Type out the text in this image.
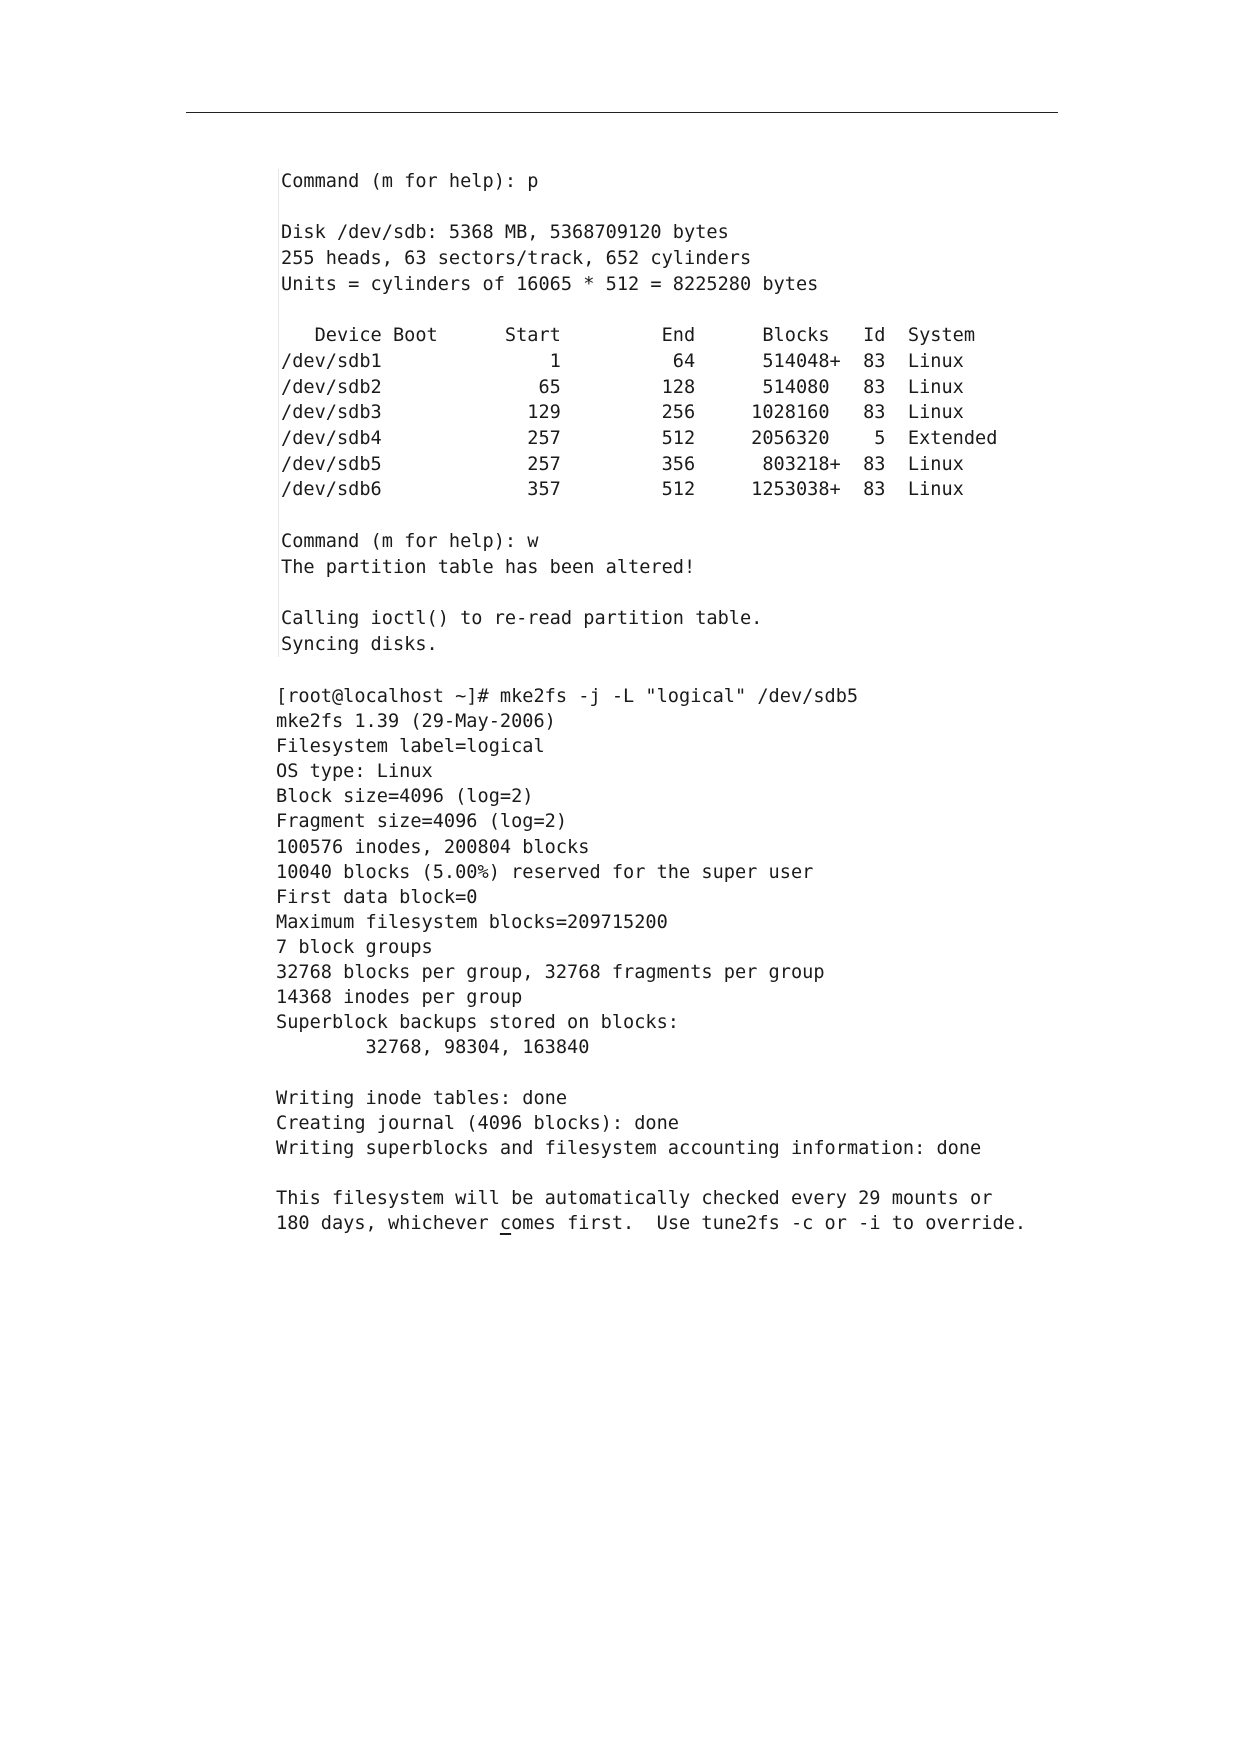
Command (m for help): p

Disk /dev/sdb: 5368 MB, 5368709120 bytes
255 heads, 63 sectors/track, 652 cylinders
Units = cylinders of 16065 * 512 = 8225280 bytes

Device Boot      Start         End      Blocks   Id  System
/dev/sdb1               1          64      514048+  83  Linux
/dev/sdb2              65         128      514080   83  Linux
/dev/sdb3             129         256     1028160   83  Linux
/dev/sdb4             257         512     2056320    5  Extended
/dev/sdb5             257         356      803218+  83  Linux
/dev/sdb6             357         512     1253038+  83  Linux

Command (m for help): w
The partition table has been altered!

Calling ioctl() to re-read partition table.
Syncing disks.
[root@localhost ~]# mke2fs -j -L "logical" /dev/sdb5
mke2fs 1.39 (29-May-2006)
Filesystem label=logical
OS type: Linux
Block size=4096 (log=2)
Fragment size=4096 (log=2)
100576 inodes, 200804 blocks
10040 blocks (5.00%) reserved for the super user
First data block=0
Maximum filesystem blocks=209715200
7 block groups
32768 blocks per group, 32768 fragments per group
14368 inodes per group
Superblock backups stored on blocks:
32768, 98304, 163840

Writing inode tables: done
Creating journal (4096 blocks): done
Writing superblocks and filesystem accounting information: done

This filesystem will be automatically checked every 29 mounts or
180 days, whichever comes first.  Use tune2fs -c or -i to override.
